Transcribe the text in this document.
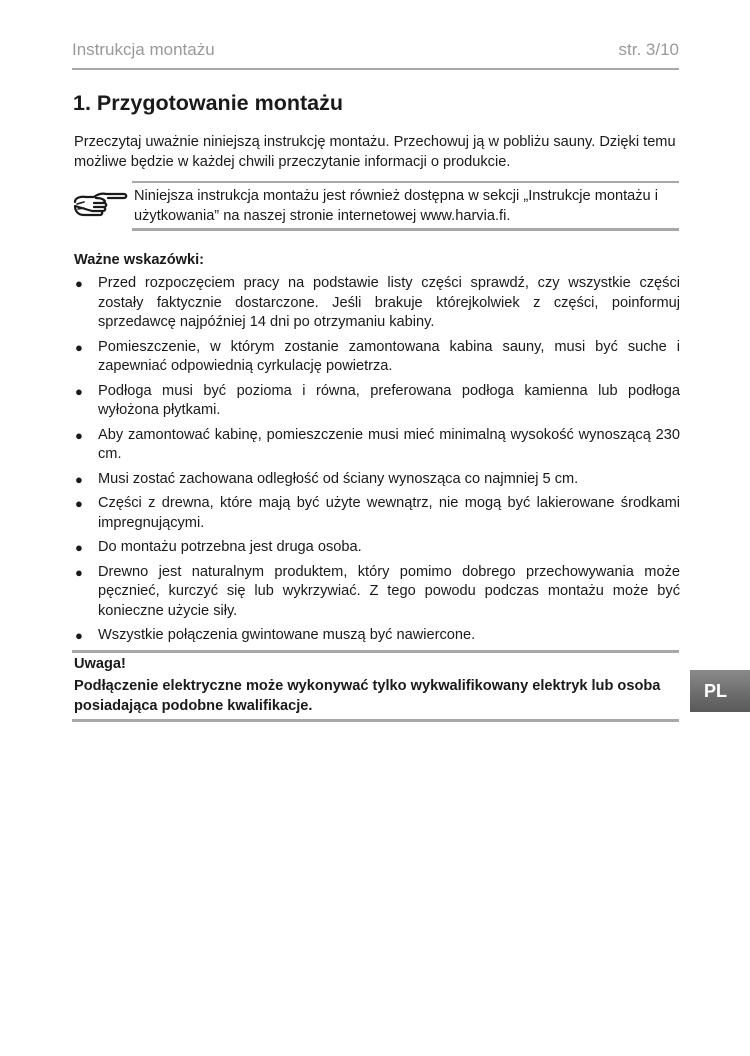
Instrukcja montażu	str. 3/10
1. Przygotowanie montażu

Przeczytaj uważnie niniejszą instrukcję montażu. Przechowuj ją w pobliżu sauny. Dzięki temu możliwe będzie w każdej chwili przeczytanie informacji o produkcie.

Niniejsza instrukcja montażu jest również dostępna w sekcji „Instrukcje montażu i użytkowania” na naszej stronie internetowej www.harvia.fi.

Ważne wskazówki:
● Przed rozpoczęciem pracy na podstawie listy części sprawdź, czy wszystkie części zostały faktycznie dostarczone. Jeśli brakuje którejkolwiek z części, poinformuj sprzedawcę najpóźniej 14 dni po otrzymaniu kabiny.
● Pomieszczenie, w którym zostanie zamontowana kabina sauny, musi być suche i zapewniać odpowiednią cyrkulację powietrza.
● Podłoga musi być pozioma i równa, preferowana podłoga kamienna lub podłoga wyłożona płytkami.
● Aby zamontować kabinę, pomieszczenie musi mieć minimalną wysokość wynoszącą 230 cm.
● Musi zostać zachowana odległość od ściany wynosząca co najmniej 5 cm.
● Części z drewna, które mają być użyte wewnątrz, nie mogą być lakierowane środkami impregnującymi.
● Do montażu potrzebna jest druga osoba.
● Drewno jest naturalnym produktem, który pomimo dobrego przechowywania może pęcznieć, kurczyć się lub wykrzywiać. Z tego powodu podczas montażu może być konieczne użycie siły.
● Wszystkie połączenia gwintowane muszą być nawiercone.

Uwaga!

Podłączenie elektryczne może wykonywać tylko wykwalifikowany elektryk lub osoba posiadająca podobne kwalifikacje.

PL
